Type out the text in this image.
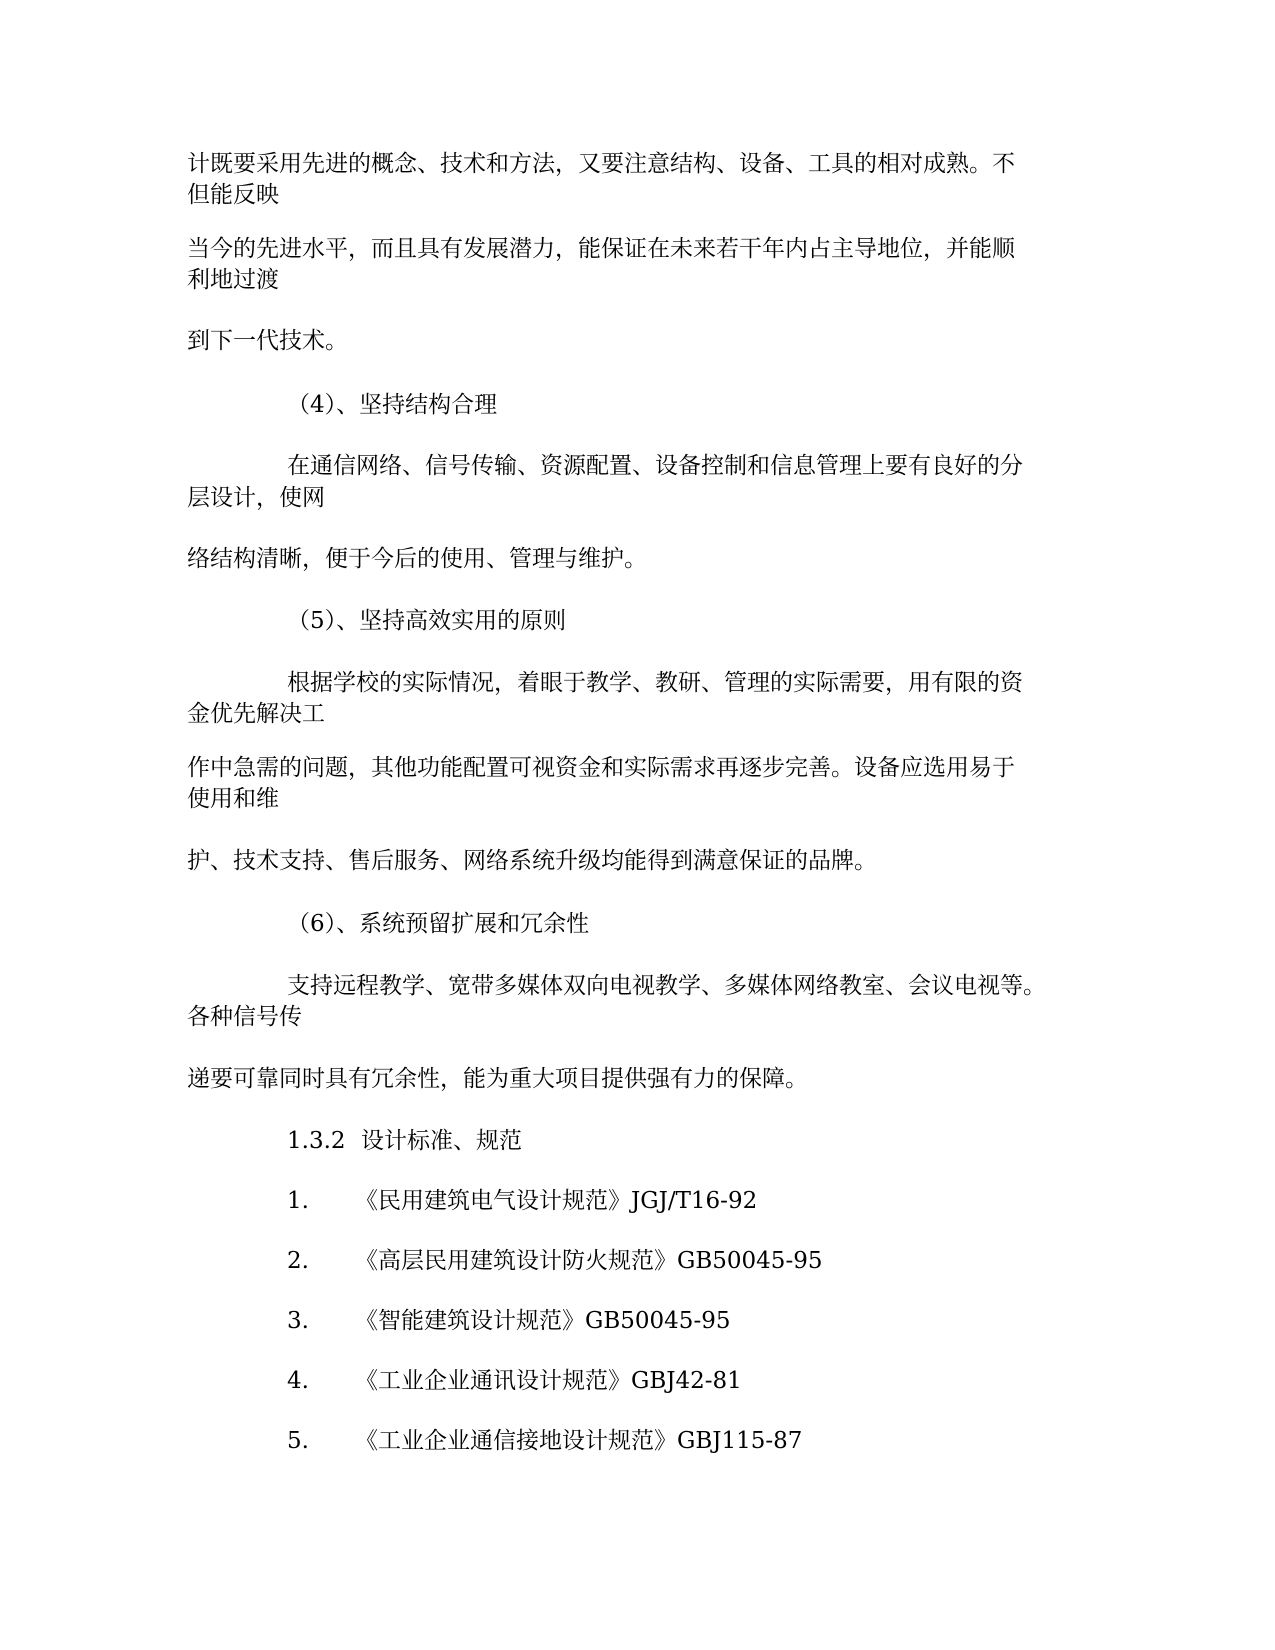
计既要采用先进的概念、技术和方法，又要注意结构、设备、工具的相对成熟。不
但能反映
当今的先进水平，而且具有发展潜力，能保证在未来若干年内占主导地位，并能顺
利地过渡
到下一代技术。
（4）、坚持结构合理
在通信网络、信号传输、资源配置、设备控制和信息管理上要有良好的分
层设计，使网
络结构清晰，便于今后的使用、管理与维护。
（5）、坚持高效实用的原则
根据学校的实际情况，着眼于教学、教研、管理的实际需要，用有限的资
金优先解决工
作中急需的问题，其他功能配置可视资金和实际需求再逐步完善。设备应选用易于
使用和维
护、技术支持、售后服务、网络系统升级均能得到满意保证的品牌。
（6）、系统预留扩展和冗余性
支持远程教学、宽带多媒体双向电视教学、多媒体网络教室、会议电视等。
各种信号传
递要可靠同时具有冗余性，能为重大项目提供强有力的保障。
1.3.2 设计标准、规范
1. 《民用建筑电气设计规范》JGJ/T16-92
2. 《高层民用建筑设计防火规范》GB50045-95
3. 《智能建筑设计规范》GB50045-95
4. 《工业企业通讯设计规范》GBJ42-81
5. 《工业企业通信接地设计规范》GBJ115-87
